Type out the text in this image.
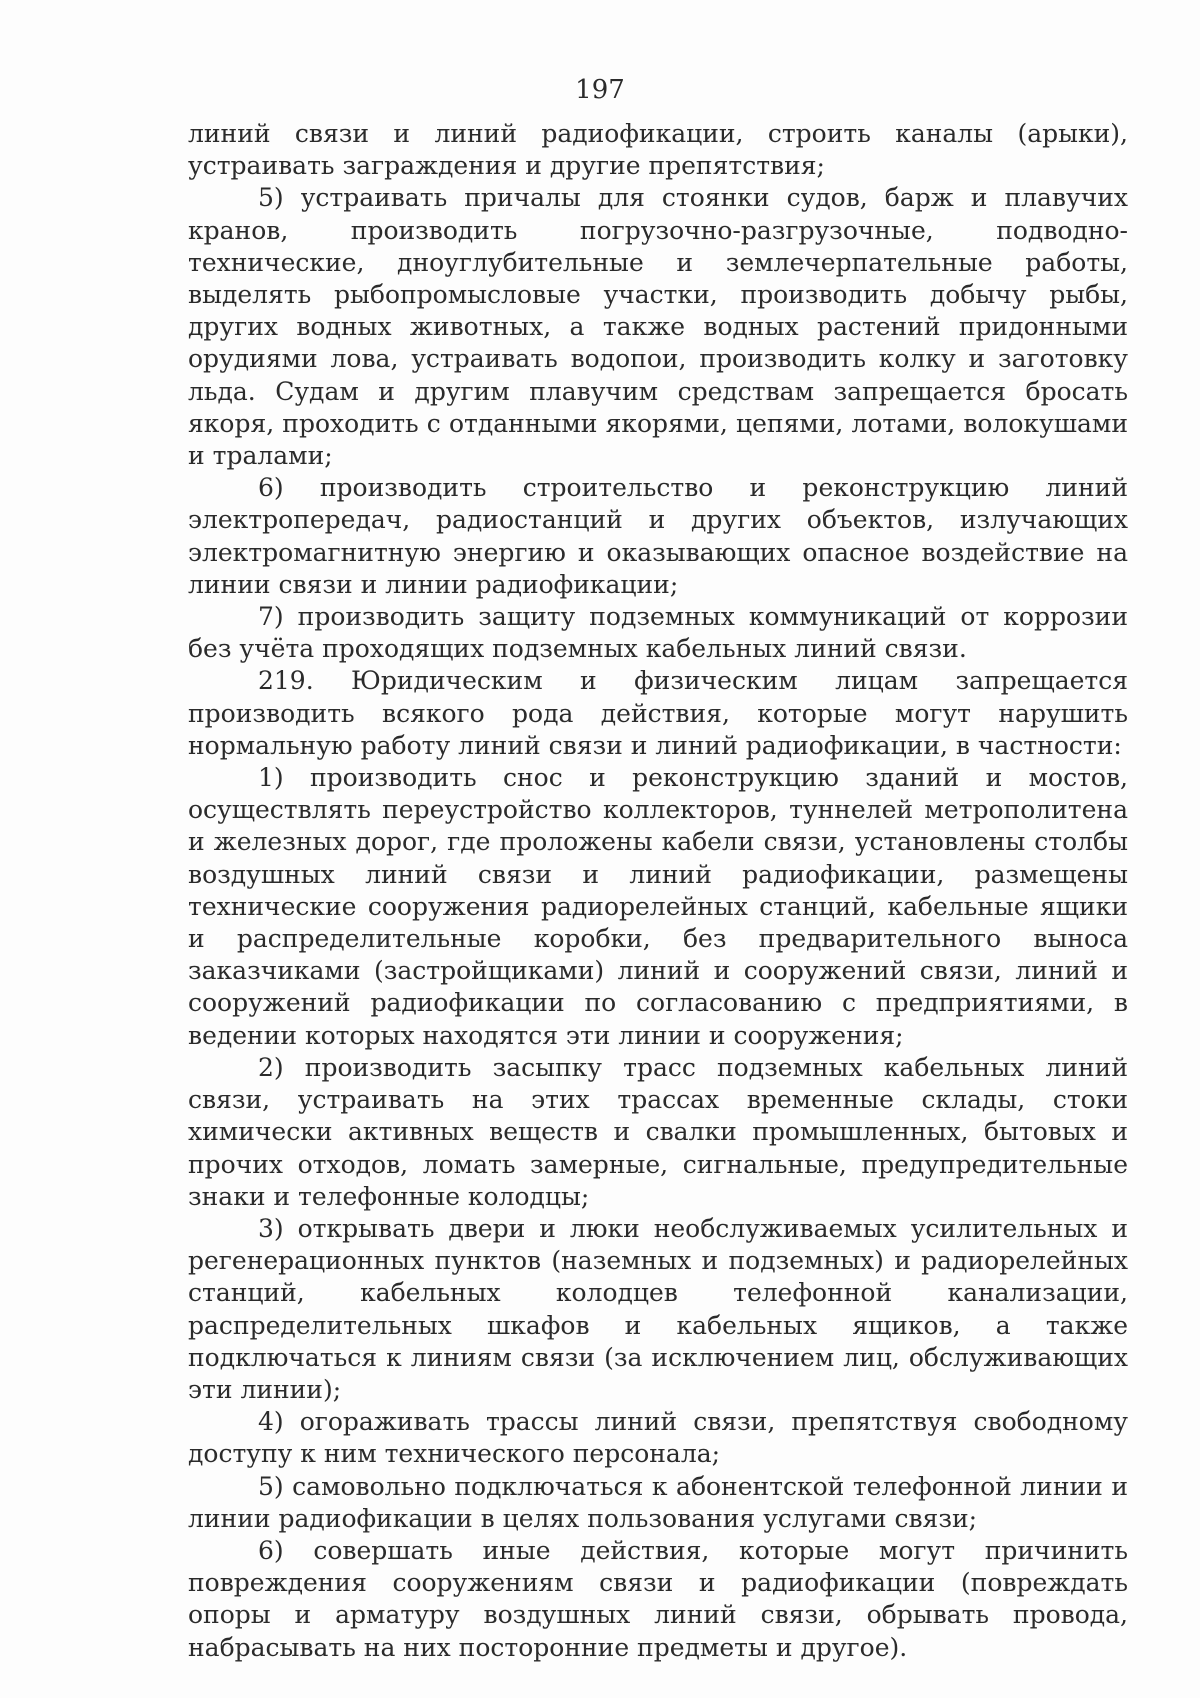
197

линий связи и линий радиофикации, строить каналы (арыки), устраивать заграждения и другие препятствия;

5) устраивать причалы для стоянки судов, барж и плавучих кранов, производить погрузочно-разгрузочные, подводно-технические, дноуглубительные и землечерпательные работы, выделять рыбопромысловые участки, производить добычу рыбы, других водных животных, а также водных растений придонными орудиями лова, устраивать водопои, производить колку и заготовку льда. Судам и другим плавучим средствам запрещается бросать якоря, проходить с отданными якорями, цепями, лотами, волокушами и тралами;

6) производить строительство и реконструкцию линий электропередач, радиостанций и других объектов, излучающих электромагнитную энергию и оказывающих опасное воздействие на линии связи и линии радиофикации;

7) производить защиту подземных коммуникаций от коррозии без учёта проходящих подземных кабельных линий связи.

219. Юридическим и физическим лицам запрещается производить всякого рода действия, которые могут нарушить нормальную работу линий связи и линий радиофикации, в частности:

1) производить снос и реконструкцию зданий и мостов, осуществлять переустройство коллекторов, туннелей метрополитена и железных дорог, где проложены кабели связи, установлены столбы воздушных линий связи и линий радиофикации, размещены технические сооружения радиорелейных станций, кабельные ящики и распределительные коробки, без предварительного выноса заказчиками (застройщиками) линий и сооружений связи, линий и сооружений радиофикации по согласованию с предприятиями, в ведении которых находятся эти линии и сооружения;

2) производить засыпку трасс подземных кабельных линий связи, устраивать на этих трассах временные склады, стоки химически активных веществ и свалки промышленных, бытовых и прочих отходов, ломать замерные, сигнальные, предупредительные знаки и телефонные колодцы;

3) открывать двери и люки необслуживаемых усилительных и регенерационных пунктов (наземных и подземных) и радиорелейных станций, кабельных колодцев телефонной канализации, распределительных шкафов и кабельных ящиков, а также подключаться к линиям связи (за исключением лиц, обслуживающих эти линии);

4) огораживать трассы линий связи, препятствуя свободному доступу к ним технического персонала;

5) самовольно подключаться к абонентской телефонной линии и линии радиофикации в целях пользования услугами связи;

6) совершать иные действия, которые могут причинить повреждения сооружениям связи и радиофикации (повреждать опоры и арматуру воздушных линий связи, обрывать провода, набрасывать на них посторонние предметы и другое).
